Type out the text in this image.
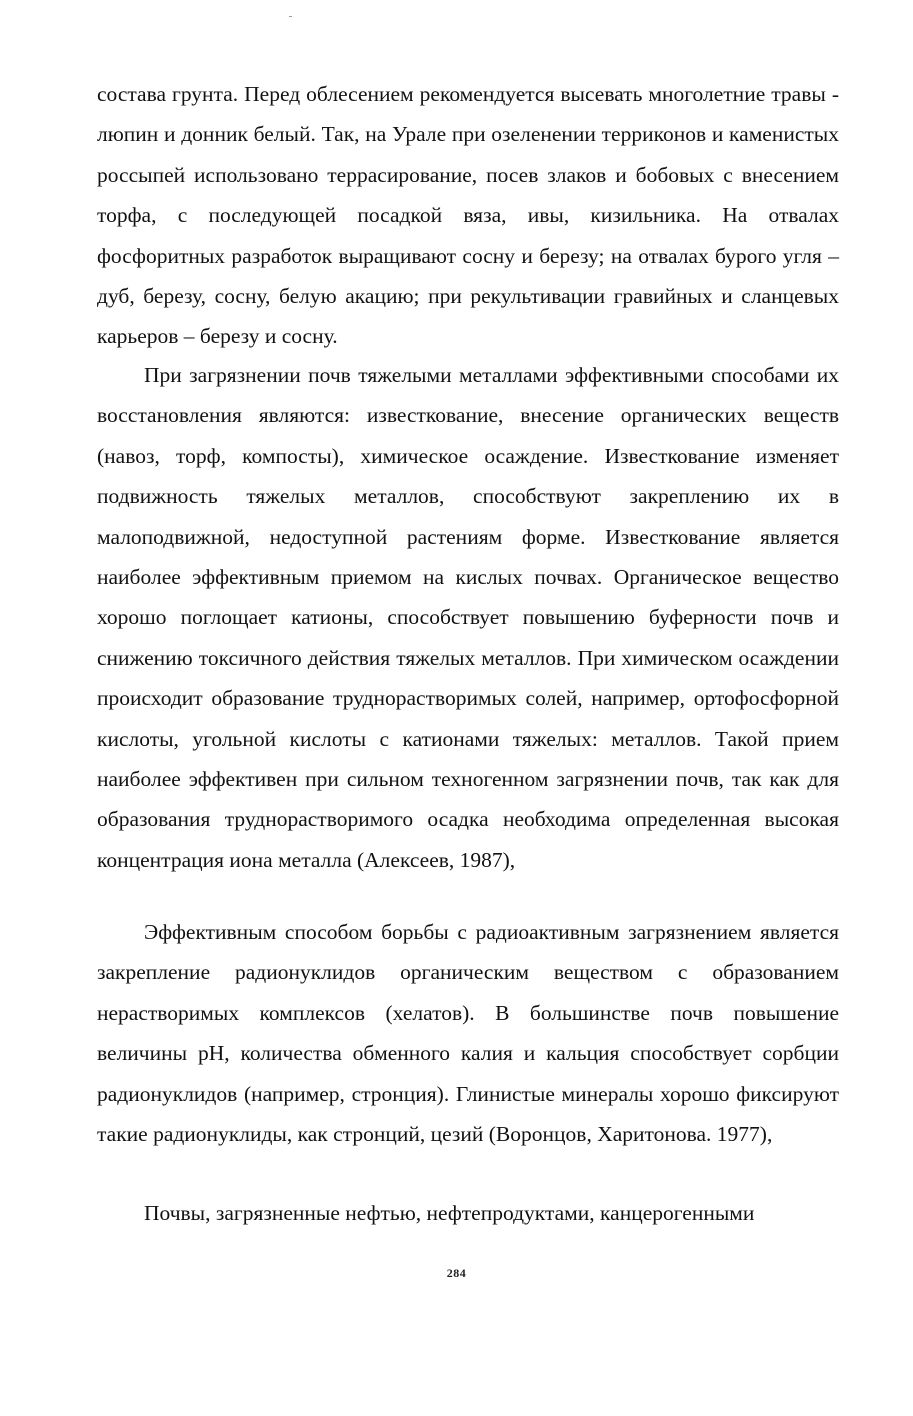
состава грунта. Перед облесением рекомендуется высевать многолетние травы - люпин и донник белый. Так, на Урале при озеленении терриконов и каменистых россыпей использовано террасирование, посев злаков и бобовых с внесением торфа, с последующей посадкой вяза, ивы, кизильника. На отвалах фосфоритных разработок выращивают сосну и березу; на отвалах бурого угля – дуб, березу, сосну, белую акацию; при рекультивации гравийных и сланцевых карьеров – березу и сосну.

При загрязнении почв тяжелыми металлами эффективными способами их восстановления являются: известкование, внесение органических веществ (навоз, торф, компосты), химическое осаждение. Известкование изменяет подвижность тяжелых металлов, способствуют закреплению их в малоподвижной, недоступной растениям форме. Известкование является наиболее эффективным приемом на кислых почвах. Органическое вещество хорошо поглощает катионы, способствует повышению буферности почв и снижению токсичного действия тяжелых металлов. При химическом осаждении происходит образование труднорастворимых солей, например, ортофосфорной кислоты, угольной кислоты с катионами тяжелых: металлов. Такой прием наиболее эффективен при сильном техногенном загрязнении почв, так как для образования труднорастворимого осадка необходима определенная высокая концентрация иона металла (Алексеев, 1987),

Эффективным способом борьбы с радиоактивным загрязнением является закрепление радионуклидов органическим веществом с образованием нерастворимых комплексов (хелатов). В большинстве почв повышение величины pH, количества обменного калия и кальция способствует сорбции радионуклидов (например, стронция). Глинистые минералы хорошо фиксируют такие радионуклиды, как стронций, цезий (Воронцов, Харитонова. 1977),

Почвы, загрязненные нефтью, нефтепродуктами, канцерогенными

284
